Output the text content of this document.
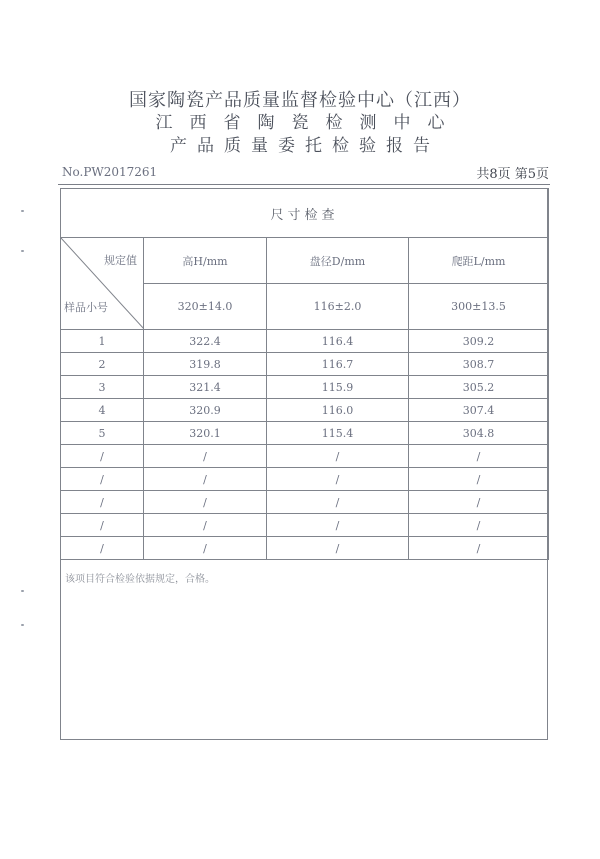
国家陶瓷产品质量监督检验中心（江西）
江西省陶瓷检测中心
产品质量委托检验报告
No.PW2017261	共8页 第5页
尺寸检查			

规定值
样品小号	高H/mm	盘径D/mm	爬距L/mm
	320±14.0	116±2.0	300±13.5
1	322.4	116.4	309.2
2	319.8	116.7	308.7
3	321.4	115.9	305.2
4	320.9	116.0	307.4
5	320.1	115.4	304.8
/	/	/	/
/	/	/	/
/	/	/	/
/	/	/	/
/	/	/	/
该项目符合检验依据规定，合格。
